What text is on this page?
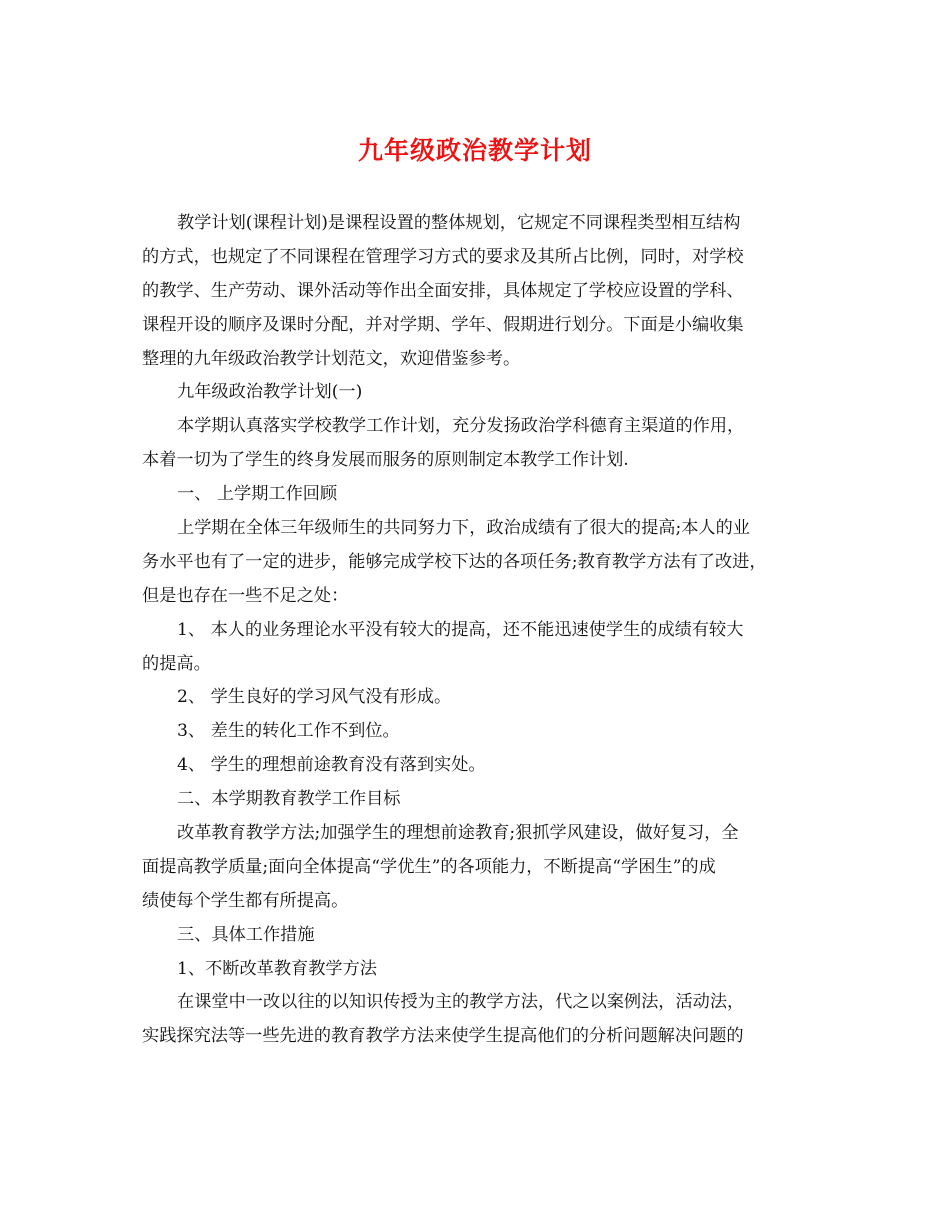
九年级政治教学计划
教学计划(课程计划)是课程设置的整体规划，它规定不同课程类型相互结构
的方式，也规定了不同课程在管理学习方式的要求及其所占比例，同时，对学校
的教学、生产劳动、课外活动等作出全面安排，具体规定了学校应设置的学科、
课程开设的顺序及课时分配，并对学期、学年、假期进行划分。下面是小编收集
整理的九年级政治教学计划范文，欢迎借鉴参考。
九年级政治教学计划(一)
本学期认真落实学校教学工作计划，充分发扬政治学科德育主渠道的作用，
本着一切为了学生的终身发展而服务的原则制定本教学工作计划.
一、 上学期工作回顾
上学期在全体三年级师生的共同努力下，政治成绩有了很大的提高;本人的业
务水平也有了一定的进步，能够完成学校下达的各项任务;教育教学方法有了改进，
但是也存在一些不足之处：
1、 本人的业务理论水平没有较大的提高，还不能迅速使学生的成绩有较大
的提高。
2、 学生良好的学习风气没有形成。
3、 差生的转化工作不到位。
4、 学生的理想前途教育没有落到实处。
二、本学期教育教学工作目标
改革教育教学方法;加强学生的理想前途教育;狠抓学风建设，做好复习，全
面提高教学质量;面向全体提高“学优生”的各项能力，不断提高“学困生”的成
绩使每个学生都有所提高。
三、具体工作措施
1、不断改革教育教学方法
在课堂中一改以往的以知识传授为主的教学方法，代之以案例法，活动法，
实践探究法等一些先进的教育教学方法来使学生提高他们的分析问题解决问题的
